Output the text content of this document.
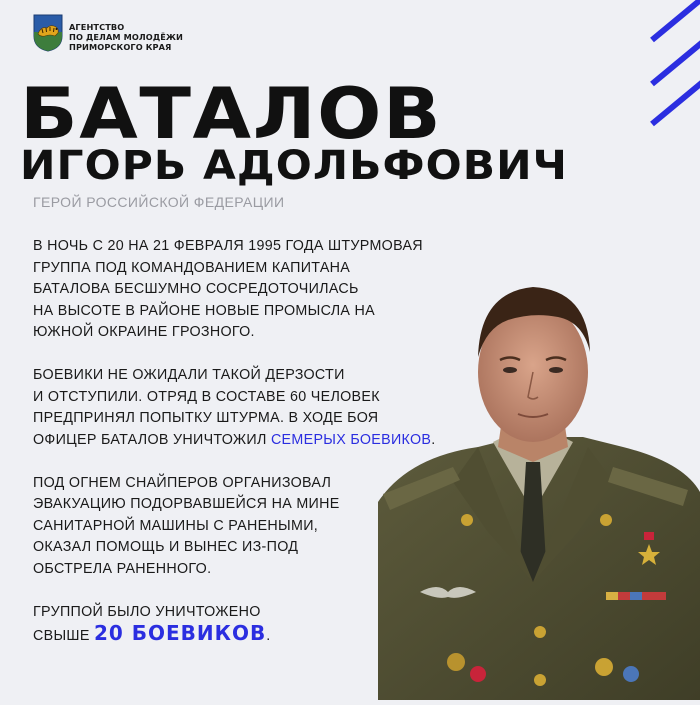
АГЕНТСТВО
ПО ДЕЛАМ МОЛОДЁЖИ
ПРИМОРСКОГО КРАЯ
БАТАЛОВ
ИГОРЬ АДОЛЬФОВИЧ
ГЕРОЙ РОССИЙСКОЙ ФЕДЕРАЦИИ
В НОЧЬ С 20 НА 21 ФЕВРАЛЯ 1995 ГОДА ШТУРМОВАЯ
ГРУППА ПОД КОМАНДОВАНИЕМ КАПИТАНА
БАТАЛОВА БЕСШУМНО СОСРЕДОТОЧИЛАСЬ
НА ВЫСОТЕ В РАЙОНЕ НОВЫЕ ПРОМЫСЛА НА
ЮЖНОЙ ОКРАИНЕ ГРОЗНОГО.
БОЕВИКИ НЕ ОЖИДАЛИ ТАКОЙ ДЕРЗОСТИ
И ОТСТУПИЛИ. ОТРЯД В СОСТАВЕ 60 ЧЕЛОВЕК
ПРЕДПРИНЯЛ ПОПЫТКУ ШТУРМА. В ХОДЕ БОЯ
ОФИЦЕР БАТАЛОВ УНИЧТОЖИЛ СЕМЕРЫХ БОЕВИКОВ.
ПОД ОГНЕМ СНАЙПЕРОВ ОРГАНИЗОВАЛ
ЭВАКУАЦИЮ ПОДОРВАВШЕЙСЯ НА МИНЕ
САНИТАРНОЙ МАШИНЫ С РАНЕНЫМИ,
ОКАЗАЛ ПОМОЩЬ И ВЫНЕС ИЗ-ПОД
ОБСТРЕЛА РАНЕННОГО.
ГРУППОЙ БЫЛО УНИЧТОЖЕНО
СВЫШЕ 20 БОЕВИКОВ.
